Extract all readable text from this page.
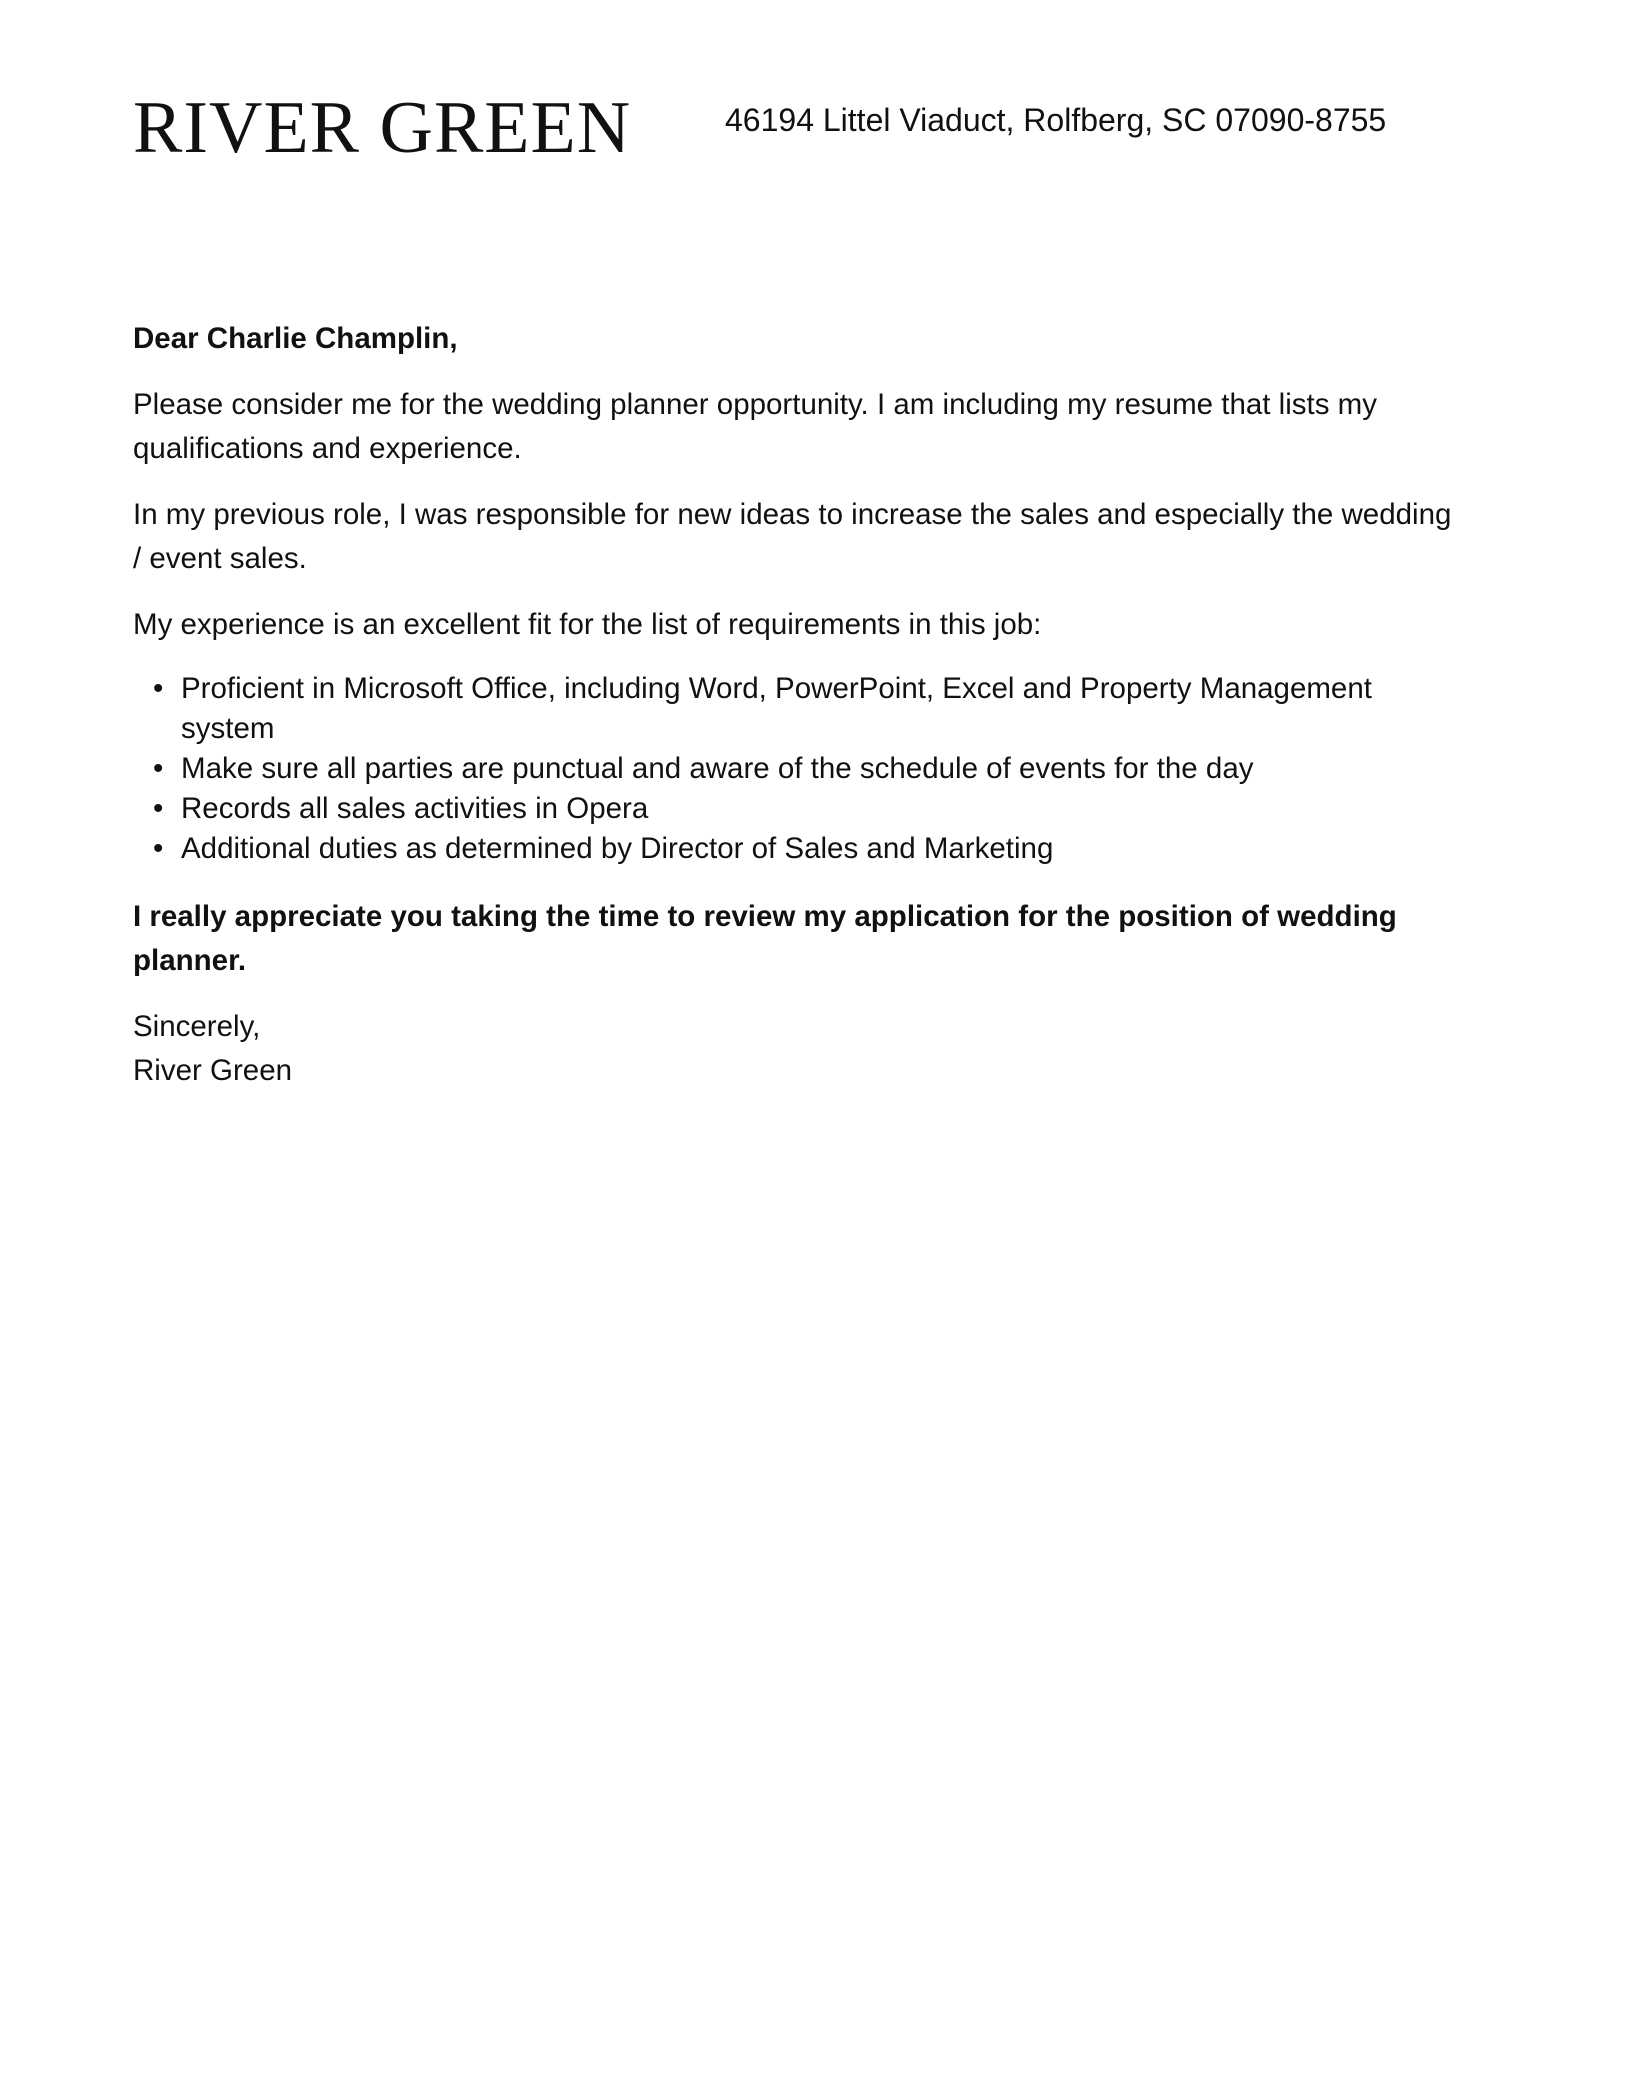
RIVER GREEN	46194 Littel Viaduct, Rolfberg, SC 07090-8755

Dear Charlie Champlin,

Please consider me for the wedding planner opportunity. I am including my resume that lists my qualifications and experience.

In my previous role, I was responsible for new ideas to increase the sales and especially the wedding / event sales.

My experience is an excellent fit for the list of requirements in this job:

• Proficient in Microsoft Office, including Word, PowerPoint, Excel and Property Management system
• Make sure all parties are punctual and aware of the schedule of events for the day
• Records all sales activities in Opera
• Additional duties as determined by Director of Sales and Marketing

I really appreciate you taking the time to review my application for the position of wedding planner.

Sincerely,

River Green
